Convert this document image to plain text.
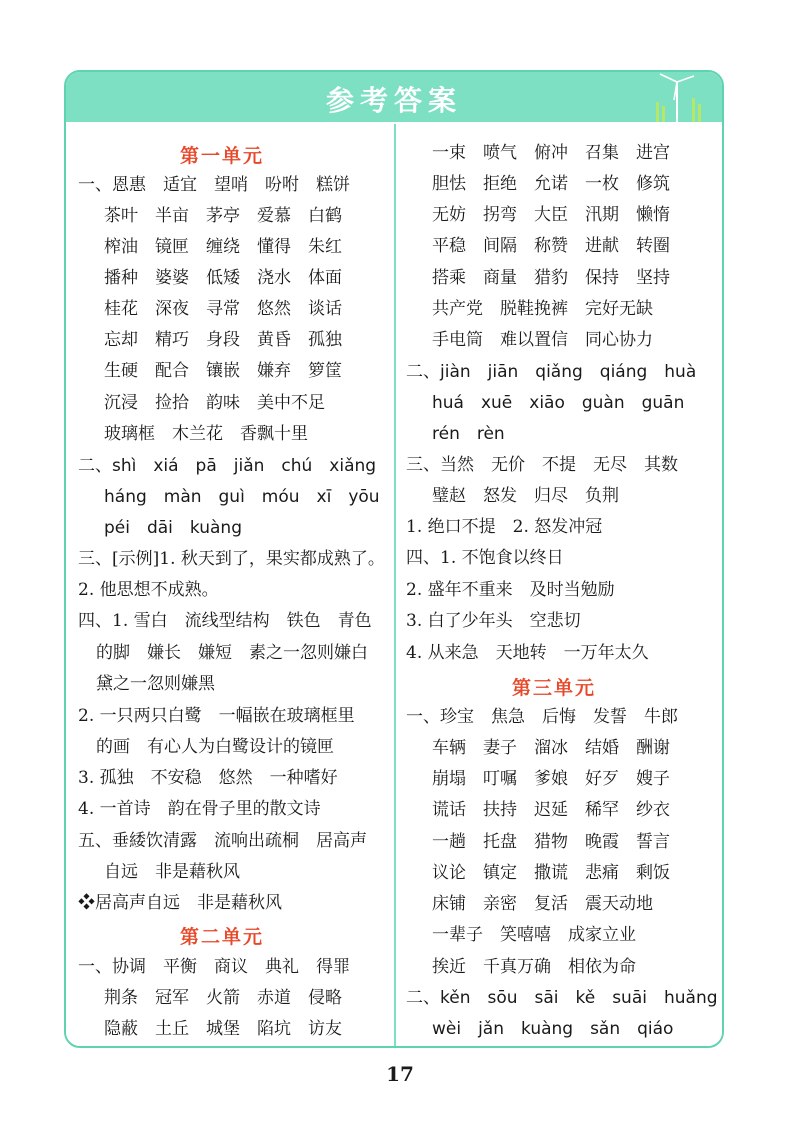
参考答案
第一单元
一、恩惠　适宜　望哨　吩咐　糕饼
茶叶　半亩　茅亭　爱慕　白鹤
榨油　镜匣　缠绕　懂得　朱红
播种　婆婆　低矮　浇水　体面
桂花　深夜　寻常　悠然　谈话
忘却　精巧　身段　黄昏　孤独
生硬　配合　镶嵌　嫌弃　箩筐
沉浸　捡拾　韵味　美中不足
玻璃框　木兰花　香飘十里
二、shì　xiá　pā　jiǎn　chú　xiǎng
háng　màn　guì　móu　xī　yōu
péi　dāi　kuàng
三、[示例]1. 秋天到了，果实都成熟了。
2. 他思想不成熟。
四、1. 雪白　流线型结构　铁色　青色
的脚　嫌长　嫌短　素之一忽则嫌白
黛之一忽则嫌黑
2. 一只两只白鹭　一幅嵌在玻璃框里
的画　有心人为白鹭设计的镜匣
3. 孤独　不安稳　悠然　一种嗜好
4. 一首诗　韵在骨子里的散文诗
五、垂緌饮清露　流响出疏桐　居高声
自远　非是藉秋风
❖居高声自远　非是藉秋风
第二单元
一、协调　平衡　商议　典礼　得罪
荆条　冠军　火箭　赤道　侵略
隐蔽　土丘　城堡　陷坑　访友
一束　喷气　俯冲　召集　进宫
胆怯　拒绝　允诺　一枚　修筑
无妨　拐弯　大臣　汛期　懒惰
平稳　间隔　称赞　进献　转圈
搭乘　商量　猎豹　保持　坚持
共产党　脱鞋挽裤　完好无缺
手电筒　难以置信　同心协力
二、jiàn　jiān　qiǎng　qiáng　huà
huá　xuē　xiāo　guàn　guān
rén　rèn
三、当然　无价　不提　无尽　其数
璧赵　怒发　归尽　负荆
1. 绝口不提　2. 怒发冲冠
四、1. 不饱食以终日
2. 盛年不重来　及时当勉励
3. 白了少年头　空悲切
4. 从来急　天地转　一万年太久
第三单元
一、珍宝　焦急　后悔　发誓　牛郎
车辆　妻子　溜冰　结婚　酬谢
崩塌　叮嘱　爹娘　好歹　嫂子
谎话　扶持　迟延　稀罕　纱衣
一趟　托盘　猎物　晚霞　誓言
议论　镇定　撒谎　悲痛　剩饭
床铺　亲密　复活　震天动地
一辈子　笑嘻嘻　成家立业
挨近　千真万确　相依为命
二、kěn　sōu　sāi　kě　suāi　huǎng
wèi　jǎn　kuàng　sǎn　qiáo
17
